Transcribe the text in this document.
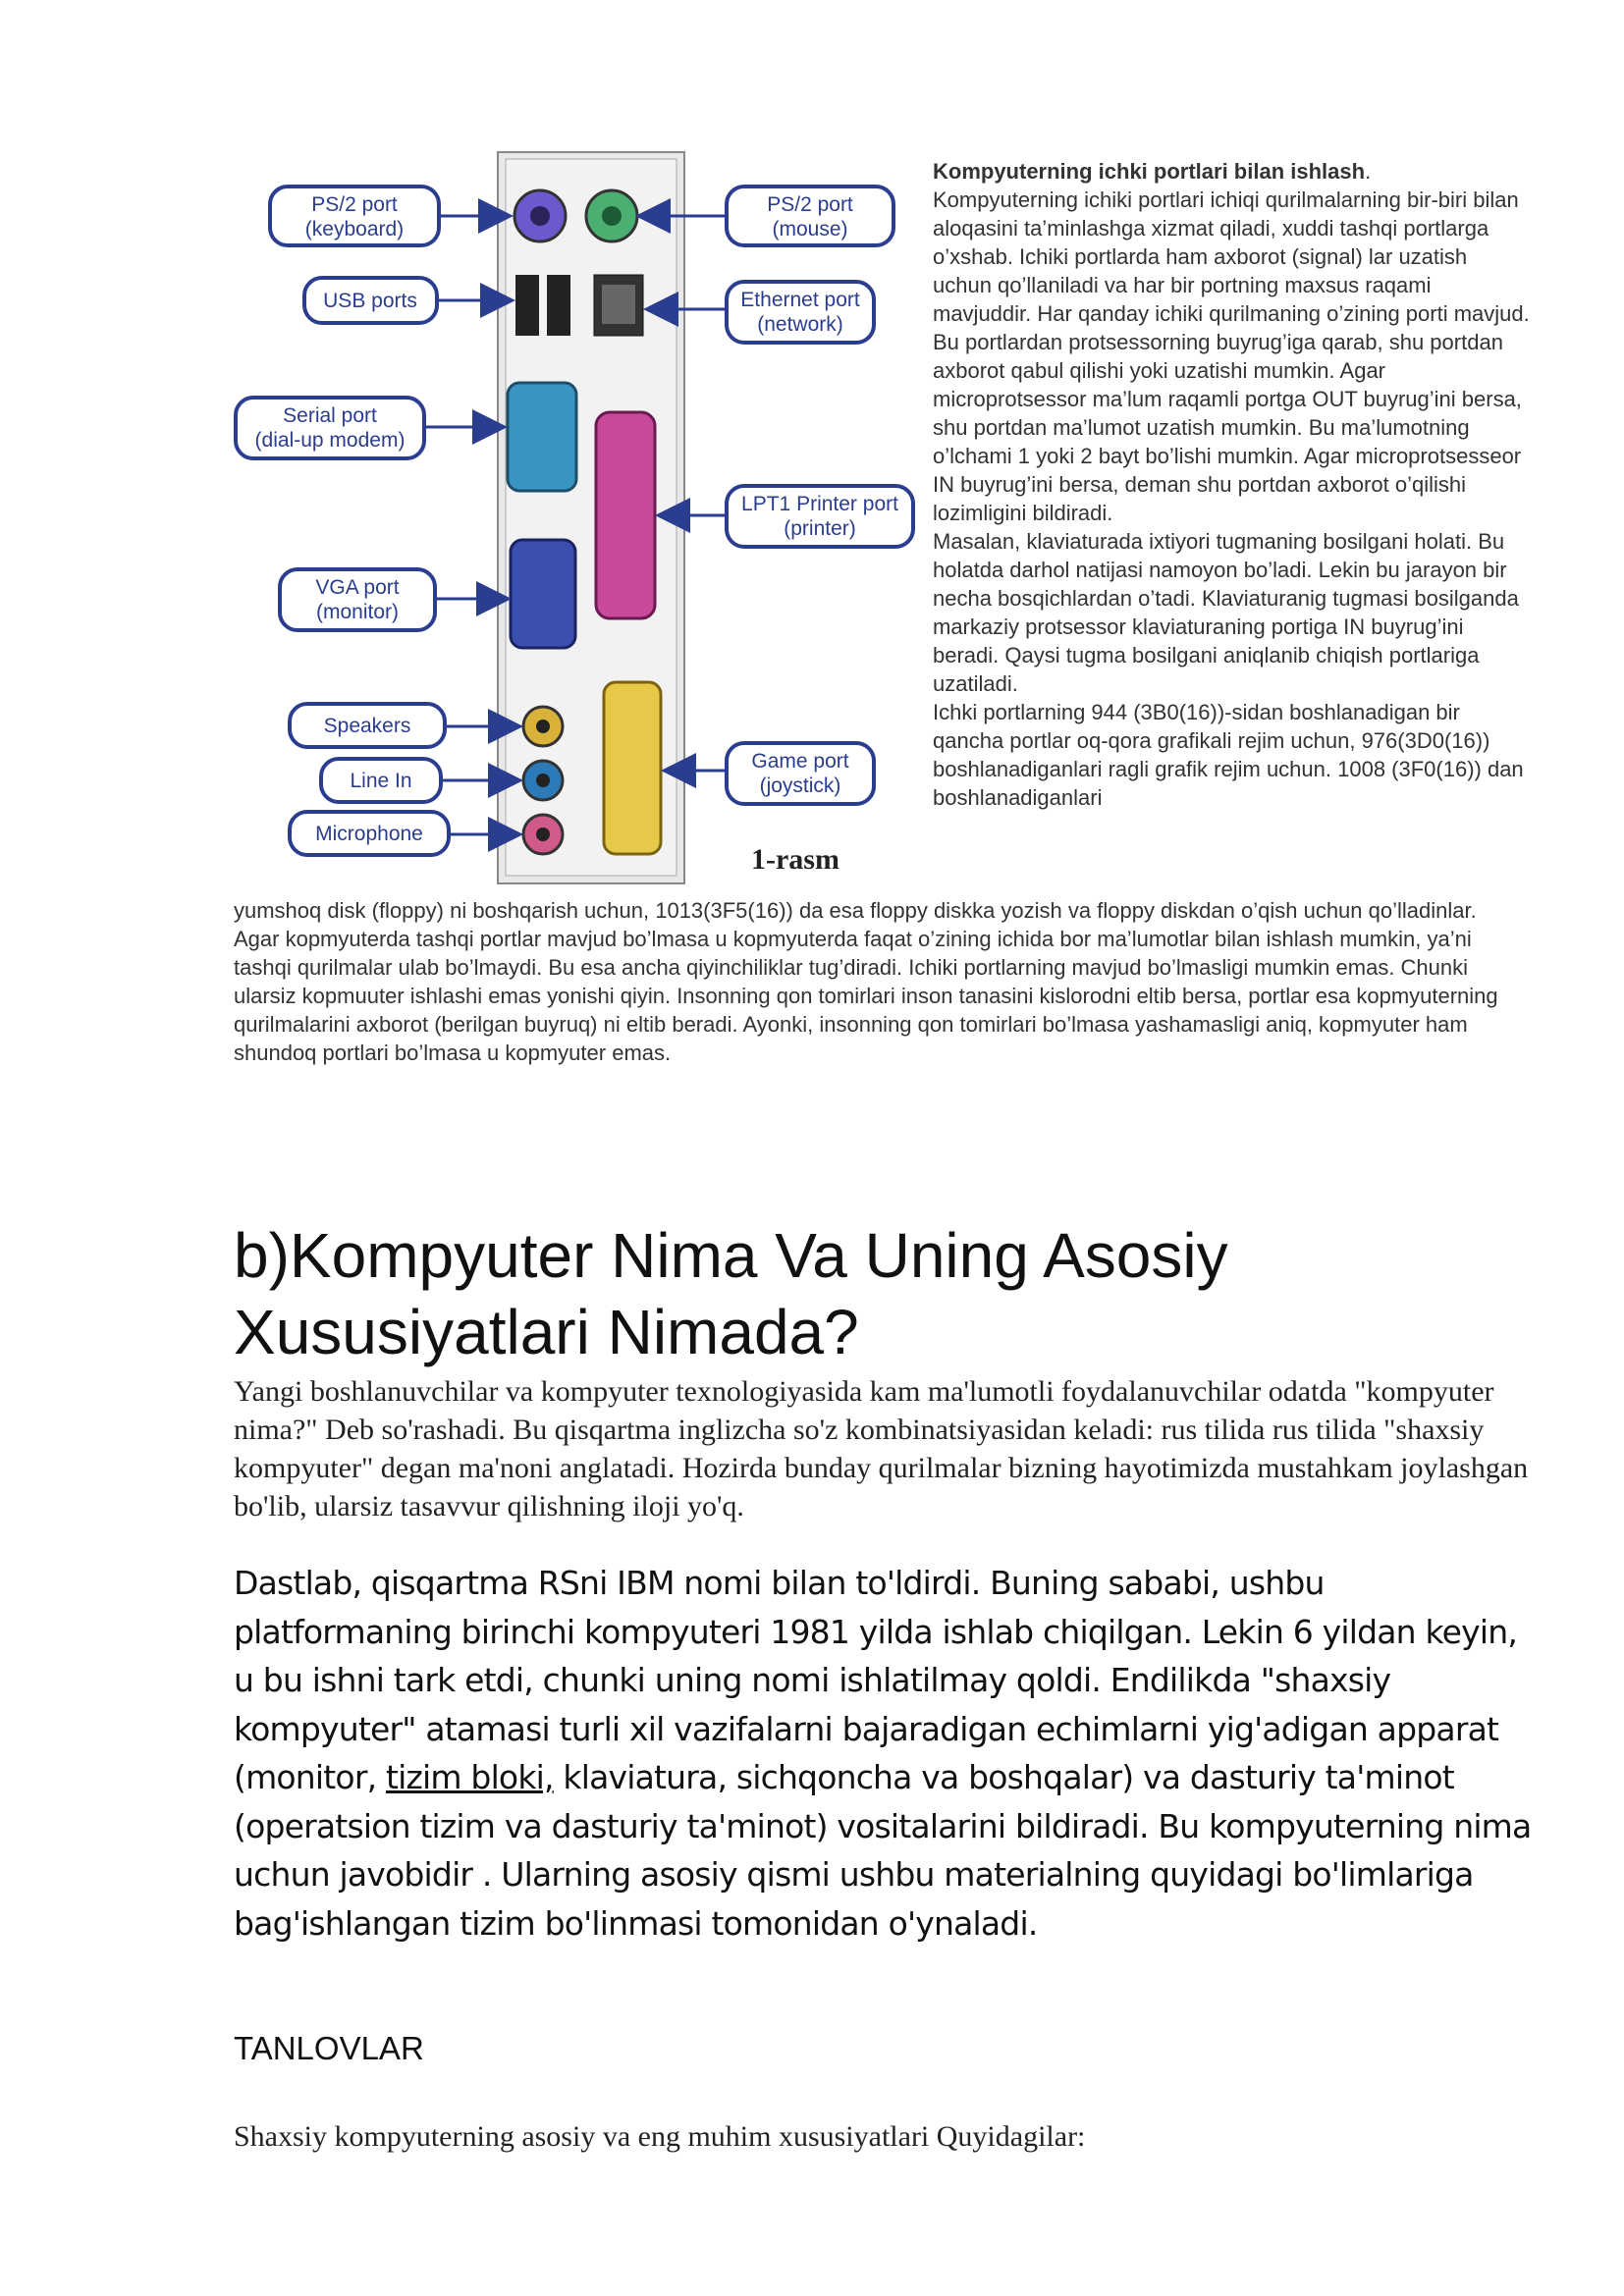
PS/2 port
(keyboard)
USB ports
Serial port
(dial-up modem)
VGA port
(monitor)
Speakers
Line In
Microphone
PS/2 port
(mouse)
Ethernet port
(network)
LPT1 Printer port
(printer)
Game port
(joystick)
1-rasm

Kompyuterning ichki portlari bilan ishlash.

Kompyuterning ichiki portlari ichiqi qurilmalarning bir-biri bilan aloqasini ta’minlashga xizmat qiladi, xuddi tashqi portlarga o’xshab. Ichiki portlarda ham axborot (signal) lar uzatish uchun qo’llaniladi va har bir portning maxsus raqami mavjuddir. Har qanday ichiki qurilmaning o’zining porti mavjud. Bu portlardan protsessorning buyrug’iga qarab, shu portdan axborot qabul qilishi yoki uzatishi mumkin. Agar microprotsessor ma’lum raqamli portga OUT buyrug’ini bersa, shu portdan ma’lumot uzatish mumkin. Bu ma’lumotning o’lchami 1 yoki 2 bayt bo’lishi mumkin. Agar microprotsesseor IN buyrug’ini bersa, deman shu portdan axborot o’qilishi lozimligini bildiradi.

Masalan, klaviaturada ixtiyori tugmaning bosilgani holati. Bu holatda darhol natijasi namoyon bo’ladi. Lekin bu jarayon bir necha bosqichlardan o’tadi. Klaviaturanig tugmasi bosilganda markaziy protsessor klaviaturaning portiga IN buyrug’ini beradi. Qaysi tugma bosilgani aniqlanib chiqish portlariga uzatiladi.

Ichki portlarning 944 (3B0(16))-sidan boshlanadigan bir qancha portlar oq-qora grafikali rejim uchun, 976(3D0(16)) boshlanadiganlari ragli grafik rejim uchun. 1008 (3F0(16)) dan boshlanadiganlari

yumshoq disk (floppy) ni boshqarish uchun, 1013(3F5(16)) da esa floppy diskka yozish va floppy diskdan o’qish uchun qo’lladinlar.

Agar kopmyuterda tashqi portlar mavjud bo’lmasa u kopmyuterda faqat o’zining ichida bor ma’lumotlar bilan ishlash mumkin, ya’ni tashqi qurilmalar ulab bo’lmaydi. Bu esa ancha qiyinchiliklar tug’diradi. Ichiki portlarning mavjud bo’lmasligi mumkin emas. Chunki ularsiz kopmuuter ishlashi emas yonishi qiyin. Insonning qon tomirlari inson tanasini kislorodni eltib bersa, portlar esa kopmyuterning qurilmalarini axborot (berilgan buyruq) ni eltib beradi. Ayonki, insonning qon tomirlari bo’lmasa yashamasligi aniq, kopmyuter ham shundoq portlari bo’lmasa u kopmyuter emas.

b)Kompyuter Nima Va Uning Asosiy Xususiyatlari Nimada?

Yangi boshlanuvchilar va kompyuter texnologiyasida kam ma'lumotli foydalanuvchilar odatda "kompyuter nima?" Deb so'rashadi. Bu qisqartma inglizcha so'z kombinatsiyasidan keladi: rus tilida rus tilida "shaxsiy kompyuter" degan ma'noni anglatadi. Hozirda bunday qurilmalar bizning hayotimizda mustahkam joylashgan bo'lib, ularsiz tasavvur qilishning iloji yo'q.

Dastlab, qisqartma RSni IBM nomi bilan to'ldirdi. Buning sababi, ushbu platformaning birinchi kompyuteri 1981 yilda ishlab chiqilgan. Lekin 6 yildan keyin, u bu ishni tark etdi, chunki uning nomi ishlatilmay qoldi. Endilikda "shaxsiy kompyuter" atamasi turli xil vazifalarni bajaradigan echimlarni yig'adigan apparat (monitor, tizim bloki, klaviatura, sichqoncha va boshqalar) va dasturiy ta'minot (operatsion tizim va dasturiy ta'minot) vositalarini bildiradi. Bu kompyuterning nima uchun javobidir . Ularning asosiy qismi ushbu materialning quyidagi bo'limlariga bag'ishlangan tizim bo'linmasi tomonidan o'ynaladi.

TANLOVLAR

Shaxsiy kompyuterning asosiy va eng muhim xususiyatlari Quyidagilar:
